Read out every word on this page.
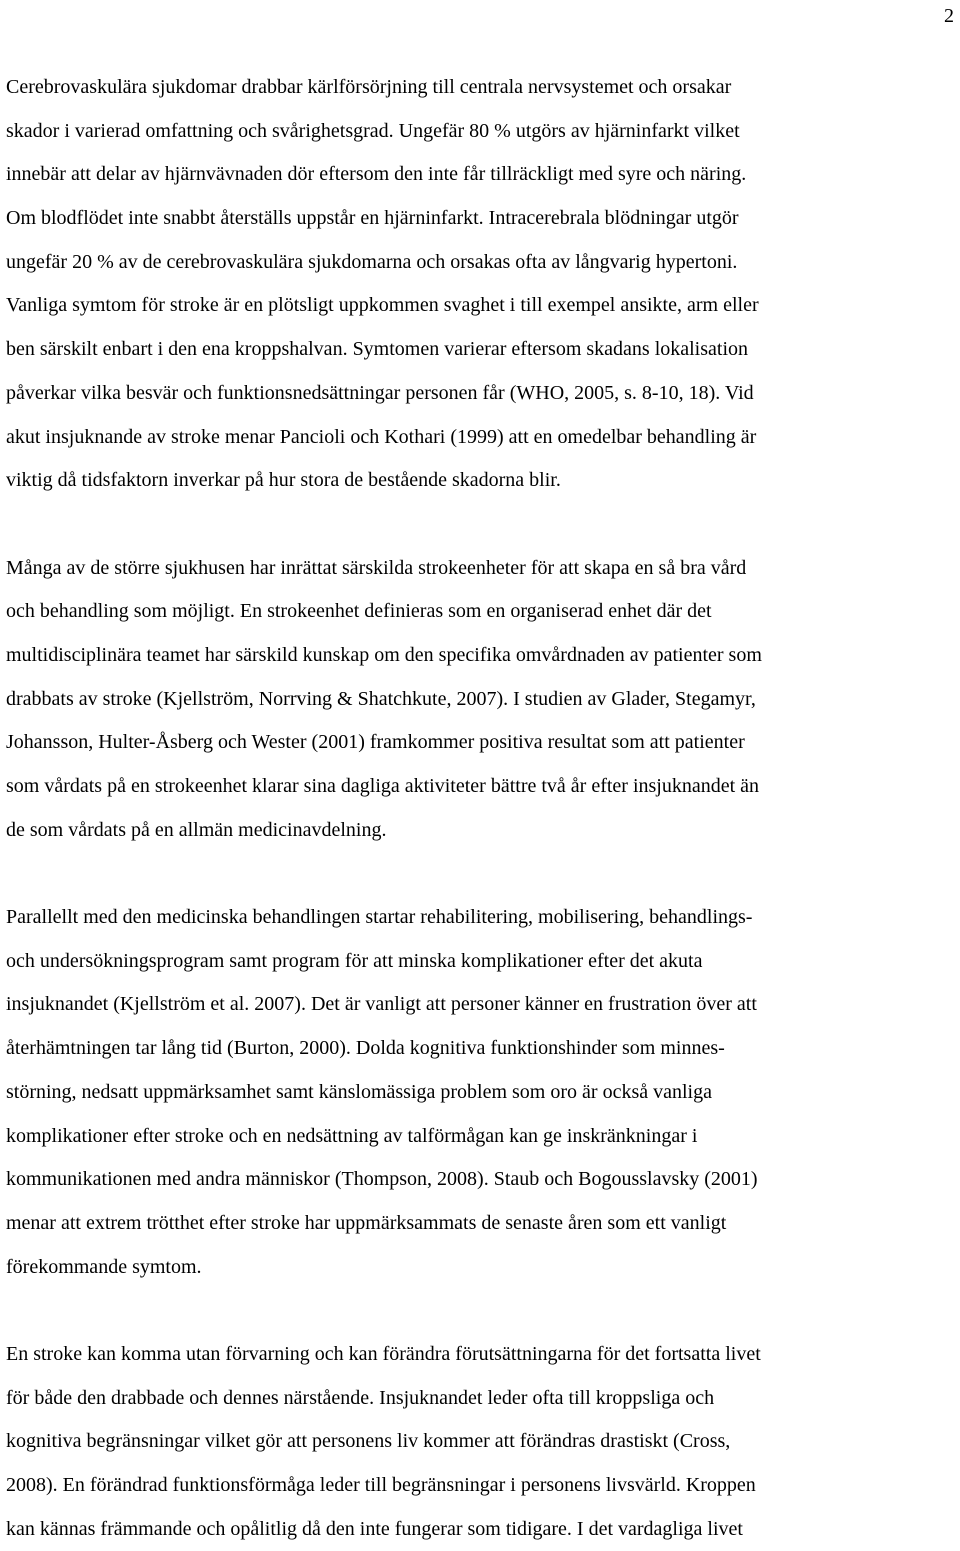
2
Cerebrovaskulära sjukdomar drabbar kärlförsörjning till centrala nervsystemet och orsakar
skador i varierad omfattning och svårighetsgrad. Ungefär 80 % utgörs av hjärninfarkt vilket
innebär att delar av hjärnvävnaden dör eftersom den inte får tillräckligt med syre och näring.
Om blodflödet inte snabbt återställs uppstår en hjärninfarkt. Intracerebrala blödningar utgör
ungefär 20 % av de cerebrovaskulära sjukdomarna och orsakas ofta av långvarig hypertoni.
Vanliga symtom för stroke är en plötsligt uppkommen svaghet i till exempel ansikte, arm eller
ben särskilt enbart i den ena kroppshalvan. Symtomen varierar eftersom skadans lokalisation
påverkar vilka besvär och funktionsnedsättningar personen får (WHO, 2005, s. 8-10, 18). Vid
akut insjuknande av stroke menar Pancioli och Kothari (1999) att en omedelbar behandling är
viktig då tidsfaktorn inverkar på hur stora de bestående skadorna blir.
Många av de större sjukhusen har inrättat särskilda strokeenheter för att skapa en så bra vård
och behandling som möjligt. En strokeenhet definieras som en organiserad enhet där det
multidisciplinära teamet har särskild kunskap om den specifika omvårdnaden av patienter som
drabbats av stroke (Kjellström, Norrving & Shatchkute, 2007). I studien av Glader, Stegamyr,
Johansson, Hulter-Åsberg och Wester (2001) framkommer positiva resultat som att patienter
som vårdats på en strokeenhet klarar sina dagliga aktiviteter bättre två år efter insjuknandet än
de som vårdats på en allmän medicinavdelning.
Parallellt med den medicinska behandlingen startar rehabilitering, mobilisering, behandlings-
och undersökningsprogram samt program för att minska komplikationer efter det akuta
insjuknandet (Kjellström et al. 2007). Det är vanligt att personer känner en frustration över att
återhämtningen tar lång tid (Burton, 2000). Dolda kognitiva funktionshinder som minnes-
störning, nedsatt uppmärksamhet samt känslomässiga problem som oro är också vanliga
komplikationer efter stroke och en nedsättning av talförmågan kan ge inskränkningar i
kommunikationen med andra människor (Thompson, 2008). Staub och Bogousslavsky (2001)
menar att extrem trötthet efter stroke har uppmärksammats de senaste åren som ett vanligt
förekommande symtom.
En stroke kan komma utan förvarning och kan förändra förutsättningarna för det fortsatta livet
för både den drabbade och dennes närstående. Insjuknandet leder ofta till kroppsliga och
kognitiva begränsningar vilket gör att personens liv kommer att förändras drastiskt (Cross,
2008). En förändrad funktionsförmåga leder till begränsningar i personens livsvärld. Kroppen
kan kännas främmande och opålitlig då den inte fungerar som tidigare. I det vardagliga livet
